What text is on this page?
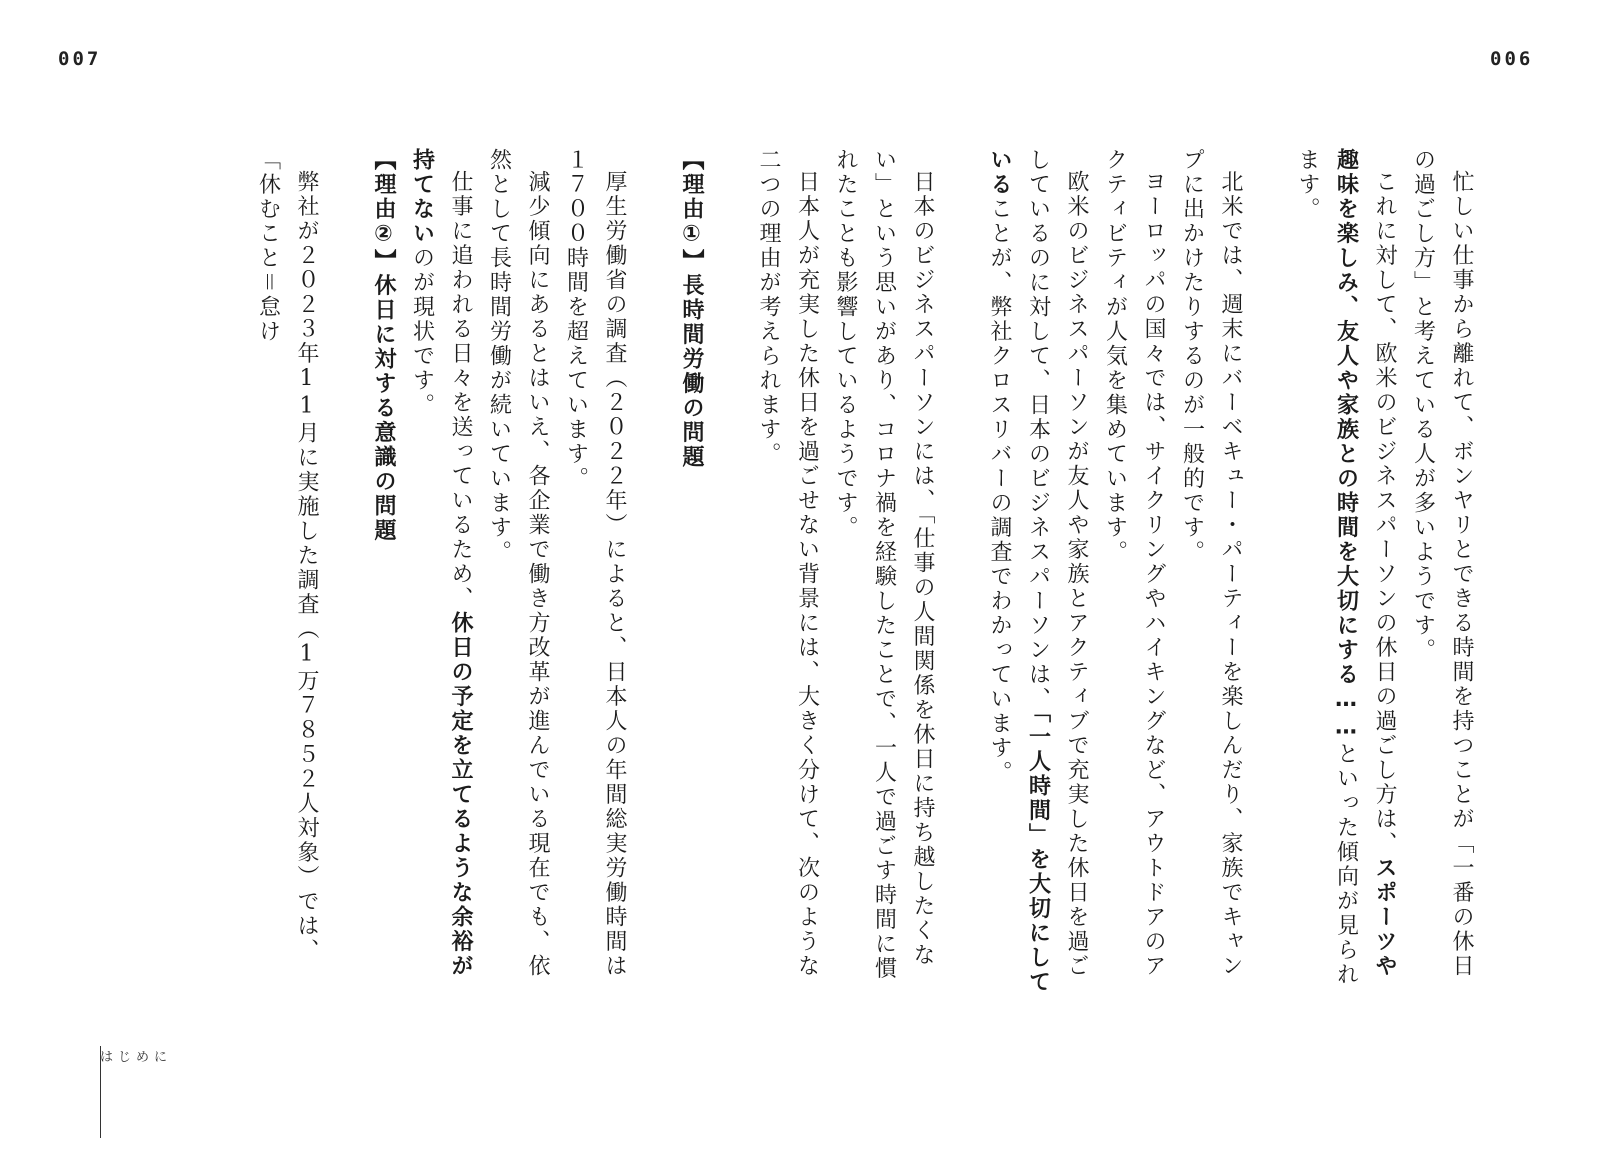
007	006

忙しい仕事から離れて、ボンヤリとできる時間を持つことが「一番の休日の過ごし方」と考えている人が多いようです。

これに対して、欧米のビジネスパーソンの休日の過ごし方は、スポーツや趣味を楽しみ、友人や家族との時間を大切にする……といった傾向が見られます。

北米では、週末にバーベキュー・パーティーを楽しんだり、家族でキャンプに出かけたりするのが一般的です。

ヨーロッパの国々では、サイクリングやハイキングなど、アウトドアのアクティビティが人気を集めています。

欧米のビジネスパーソンが友人や家族とアクティブで充実した休日を過ごしているのに対して、日本のビジネスパーソンは、「一人時間」を大切にしていることが、弊社クロスリバーの調査でわかっています。

日本のビジネスパーソンには、「仕事の人間関係を休日に持ち越したくない」という思いがあり、コロナ禍を経験したことで、一人で過ごす時間に慣れたことも影響しているようです。

日本人が充実した休日を過ごせない背景には、大きく分けて、次のような二つの理由が考えられます。

【理由①】長時間労働の問題

厚生労働省の調査（２０２２年）によると、日本人の年間総実労働時間は１７００時間を超えています。

減少傾向にあるとはいえ、各企業で働き方改革が進んでいる現在でも、依然として長時間労働が続いています。

仕事に追われる日々を送っているため、休日の予定を立てるような余裕が持てないのが現状です。

【理由②】休日に対する意識の問題

弊社が２０２３年11月に実施した調査（1万７８５２人対象）では、「休むこと＝怠け

はじめに
